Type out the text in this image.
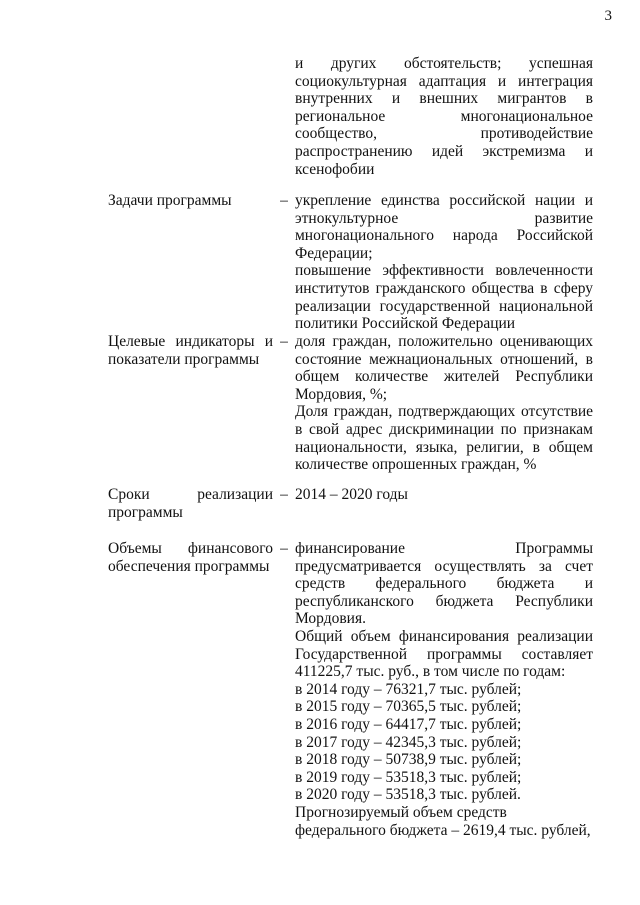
3
и других обстоятельств; успешная социокультурная адаптация и интеграция внутренних и внешних мигрантов в региональное многонациональное сообщество, противодействие распространению идей экстремизма и ксенофобии
Задачи программы	– укрепление единства российской нации и этнокультурное развитие многонационального народа Российской Федерации;

повышение эффективности вовлеченности институтов гражданского общества в сферу реализации государственной национальной политики Российской Федерации

Целевые индикаторы и показатели программы
– доля граждан, положительно оценивающих состояние межнациональных отношений, в общем количестве жителей Республики Мордовия, %;

Доля граждан, подтверждающих отсутствие в свой адрес дискриминации по признакам национальности, языка, религии, в общем количестве опрошенных граждан, %

Сроки реализации программы
– 2014 – 2020 годы
Объемы финансового обеспечения программы
– финансирование Программы предусматривается осуществлять за счет средств федерального бюджета и республиканского бюджета Республики Мордовия.

Общий объем финансирования реализации Государственной программы составляет 411225,7 тыс. руб., в том числе по годам:

в 2014 году – 76321,7 тыс. рублей;

в 2015 году – 70365,5 тыс. рублей;

в 2016 году – 64417,7 тыс. рублей;

в 2017 году – 42345,3 тыс. рублей;

в 2018 году – 50738,9 тыс. рублей;

в 2019 году – 53518,3 тыс. рублей;

в 2020 году – 53518,3 тыс. рублей.

Прогнозируемый объем средств

федерального бюджета – 2619,4 тыс. рублей,
